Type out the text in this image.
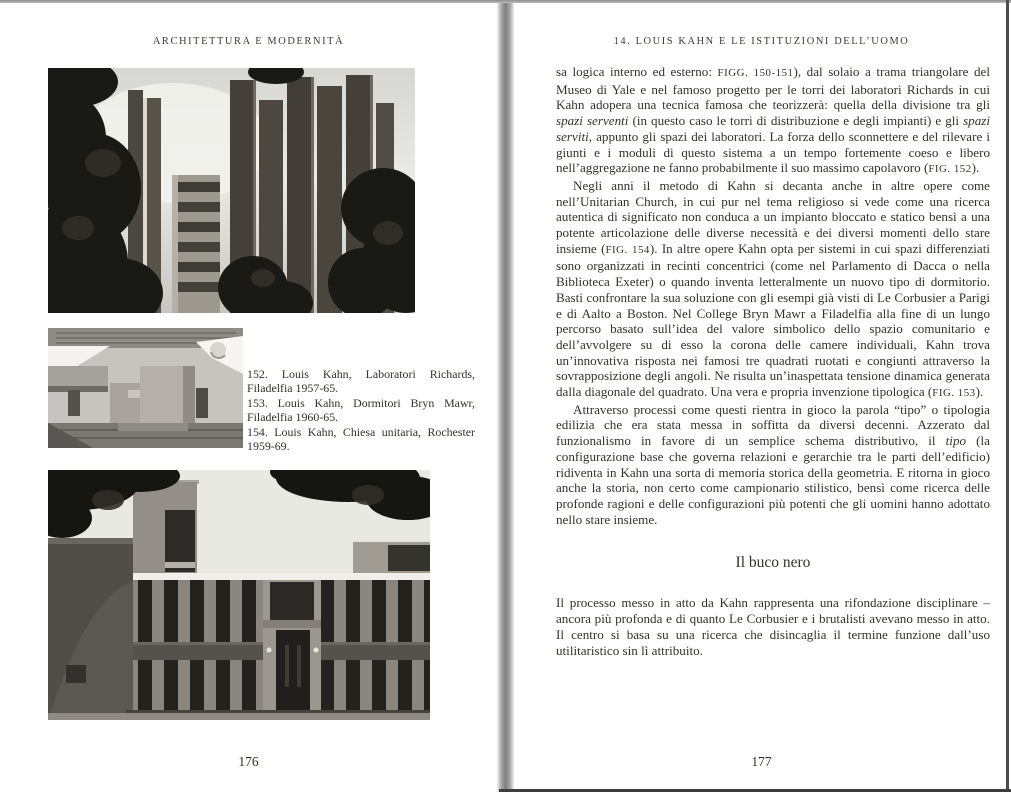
ARCHITETTURA E MODERNITÀ

152. Louis Kahn, Laboratori Richards, Filadelfia 1957-65.

153. Louis Kahn, Dormitori Bryn Mawr, Filadelfia 1960-65.

154. Louis Kahn, Chiesa unitaria, Rochester 1959-69.

176
14. LOUIS KAHN E LE ISTITUZIONI DELL’UOMO

sa logica interno ed esterno: FIGG. 150-151), dal solaio a trama triangolare del Museo di Yale e nel famoso progetto per le torri dei laboratori Richards in cui Kahn adopera una tecnica famosa che teorizzerà: quella della divisione tra gli spazi serventi (in questo caso le torri di distribuzione e degli impianti) e gli spazi serviti, appunto gli spazi dei laboratori. La forza dello sconnettere e del rilevare i giunti e i moduli di questo sistema a un tempo fortemente coeso e libero nell’aggregazione ne fanno probabilmente il suo massimo capolavoro (FIG. 152).

Negli anni il metodo di Kahn si decanta anche in altre opere come nell’Unitarian Church, in cui pur nel tema religioso si vede come una ricerca autentica di significato non conduca a un impianto bloccato e statico bensì a una potente articolazione delle diverse necessità e dei diversi momenti dello stare insieme (FIG. 154). In altre opere Kahn opta per sistemi in cui spazi differenziati sono organizzati in recinti concentrici (come nel Parlamento di Dacca o nella Biblioteca Exeter) o quando inventa letteralmente un nuovo tipo di dormitorio. Basti confrontare la sua soluzione con gli esempi già visti di Le Corbusier a Parigi e di Aalto a Boston. Nel College Bryn Mawr a Filadelfia alla fine di un lungo percorso basato sull’idea del valore simbolico dello spazio comunitario e dell’avvolgere su di esso la corona delle camere individuali, Kahn trova un’innovativa risposta nei famosi tre quadrati ruotati e congiunti attraverso la sovrapposizione degli angoli. Ne risulta un’inaspettata tensione dinamica generata dalla diagonale del quadrato. Una vera e propria invenzione tipologica (FIG. 153).

Attraverso processi come questi rientra in gioco la parola “tipo” o tipologia edilizia che era stata messa in soffitta da diversi decenni. Azzerato dal funzionalismo in favore di un semplice schema distributivo, il tipo (la configurazione base che governa relazioni e gerarchie tra le parti dell’edificio) ridiventa in Kahn una sorta di memoria storica della geometria. E ritorna in gioco anche la storia, non certo come campionario stilistico, bensì come ricerca delle profonde ragioni e delle configurazioni più potenti che gli uomini hanno adottato nello stare insieme.

Il buco nero

Il processo messo in atto da Kahn rappresenta una rifondazione disciplinare – ancora più profonda e di quanto Le Corbusier e i brutalisti avevano messo in atto. Il centro si basa su una ricerca che disincaglia il termine funzione dall’uso utilitaristico sin lì attribuito.

177
